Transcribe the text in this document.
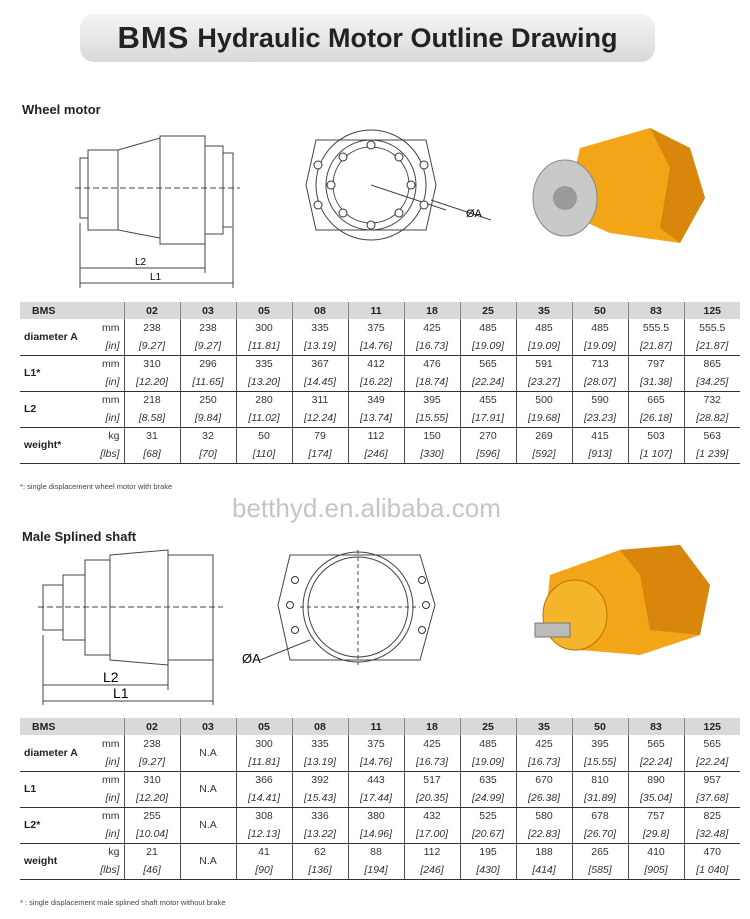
BMS Hydraulic Motor Outline Drawing
Wheel motor
L2
L1
ØA
BMS		02	03	05	08	11	18	25	35	50	83	125
diameter A	mm	238	238	300	335	375	425	485	485	485	555.5	555.5
	[in]	[9.27]	[9.27]	[11.81]	[13.19]	[14.76]	[16.73]	[19.09]	[19.09]	[19.09]	[21.87]	[21.87]
L1*	mm	310	296	335	367	412	476	565	591	713	797	865
	[in]	[12.20]	[11.65]	[13.20]	[14.45]	[16.22]	[18.74]	[22.24]	[23.27]	[28.07]	[31.38]	[34.25]
L2	mm	218	250	280	311	349	395	455	500	590	665	732
	[in]	[8.58]	[9.84]	[11.02]	[12.24]	[13.74]	[15.55]	[17.91]	[19.68]	[23.23]	[26.18]	[28.82]
weight*	kg	31	32	50	79	112	150	270	269	415	503	563
	[lbs]	[68]	[70]	[110]	[174]	[246]	[330]	[596]	[592]	[913]	[1 107]	[1 239]
*: single displacement wheel motor with brake
betthyd.en.alibaba.com
Male Splined shaft
L2
L1
ØA
BMS		02	03	05	08	11	18	25	35	50	83	125
diameter A	mm	238	N.A	300	335	375	425	485	425	395	565	565
	[in]	[9.27]		[11.81]	[13.19]	[14.76]	[16.73]	[19.09]	[16.73]	[15.55]	[22.24]	[22.24]
L1	mm	310	N.A	366	392	443	517	635	670	810	890	957
	[in]	[12.20]		[14.41]	[15.43]	[17.44]	[20.35]	[24.99]	[26.38]	[31.89]	[35.04]	[37.68]
L2*	mm	255	N.A	308	336	380	432	525	580	678	757	825
	[in]	[10.04]		[12.13]	[13.22]	[14.96]	[17.00]	[20.67]	[22.83]	[26.70]	[29.8]	[32.48]
weight	kg	21	N.A	41	62	88	112	195	188	265	410	470
	[lbs]	[46]		[90]	[136]	[194]	[246]	[430]	[414]	[585]	[905]	[1 040]
* : single displacement male splined shaft motor without brake
